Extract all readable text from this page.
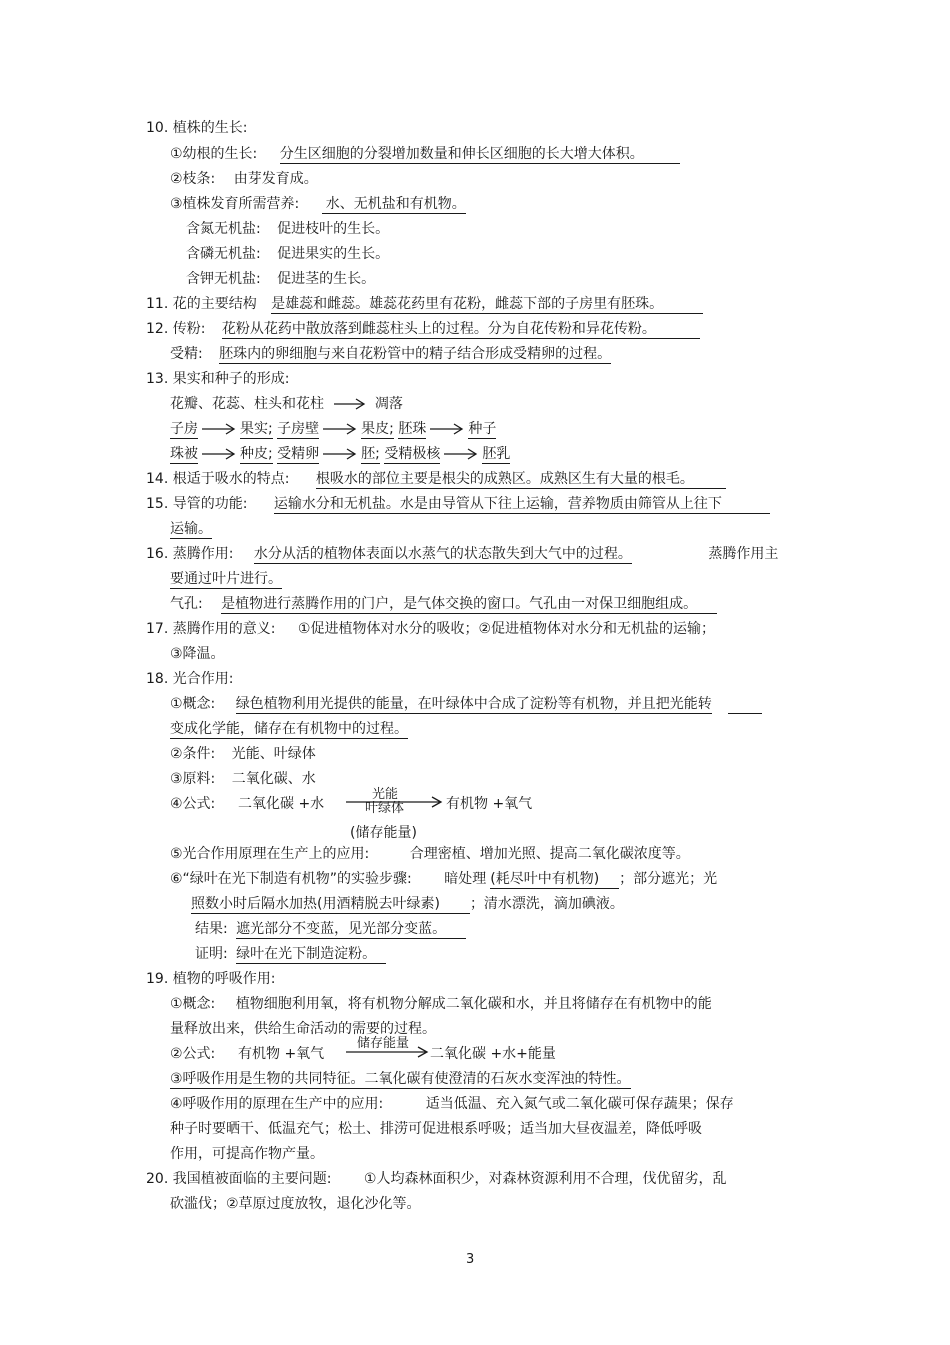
10. 植株的生长:
①幼根的生长: 分生区细胞的分裂增加数量和伸长区细胞的长大增大体积。
②枝条: 由芽发育成。
③植株发育所需营养: 水、无机盐和有机物。
含氮无机盐: 促进枝叶的生长。
含磷无机盐: 促进果实的生长。
含钾无机盐: 促进茎的生长。
11. 花的主要结构 是雄蕊和雌蕊。雄蕊花药里有花粉，雌蕊下部的子房里有胚珠。
12. 传粉: 花粉从花药中散放落到雌蕊柱头上的过程。分为自花传粉和异花传粉。
受精: 胚珠内的卵细胞与来自花粉管中的精子结合形成受精卵的过程。
13. 果实和种子的形成:
花瓣、花蕊、柱头和花柱	凋落
子房	果实; 子房壁	果皮; 胚珠	种子
珠被	种皮; 受精卵	胚; 受精极核	胚乳
14. 根适于吸水的特点: 根吸水的部位主要是根尖的成熟区。成熟区生有大量的根毛。
15. 导管的功能: 运输水分和无机盐。水是由导管从下往上运输，营养物质由筛管从上往下
运输。
16. 蒸腾作用: 水分从活的植物体表面以水蒸气的状态散失到大气中的过程。	蒸腾作用主
要通过叶片进行。
气孔: 是植物进行蒸腾作用的门户，是气体交换的窗口。气孔由一对保卫细胞组成。
17. 蒸腾作用的意义: ①促进植物体对水分的吸收；②促进植物体对水分和无机盐的运输；
③降温。
18. 光合作用:
①概念: 绿色植物利用光提供的能量，在叶绿体中合成了淀粉等有机物，并且把光能转
变成化学能，储存在有机物中的过程。
②条件: 光能、叶绿体
③原料: 二氧化碳、水
④公式: 二氧化碳 +水
光能
叶绿体	有机物 +氧气
(储存能量)
⑤光合作用原理在生产上的应用:	合理密植、增加光照、提高二氧化碳浓度等。
⑥“绿叶在光下制造有机物”的实验步骤: 暗处理 (耗尽叶中有机物) ；部分遮光；光
照数小时后隔水加热(用酒精脱去叶绿素) ；清水漂洗，滴加碘液。
结果: 遮光部分不变蓝，见光部分变蓝。
证明: 绿叶在光下制造淀粉。
19. 植物的呼吸作用:
①概念: 植物细胞利用氧，将有机物分解成二氧化碳和水，并且将储存在有机物中的能
量释放出来，供给生命活动的需要的过程。
②公式: 有机物 +氧气
储存能量
二氧化碳 +水+能量
③呼吸作用是生物的共同特征。二氧化碳有使澄清的石灰水变浑浊的特性。
④呼吸作用的原理在生产中的应用:	适当低温、充入氮气或二氧化碳可保存蔬果；保存
种子时要晒干、低温充气；松土、排涝可促进根系呼吸；适当加大昼夜温差，降低呼吸
作用，可提高作物产量。
20. 我国植被面临的主要问题: ①人均森林面积少，对森林资源利用不合理，伐优留劣，乱
砍滥伐；②草原过度放牧，退化沙化等。
3
